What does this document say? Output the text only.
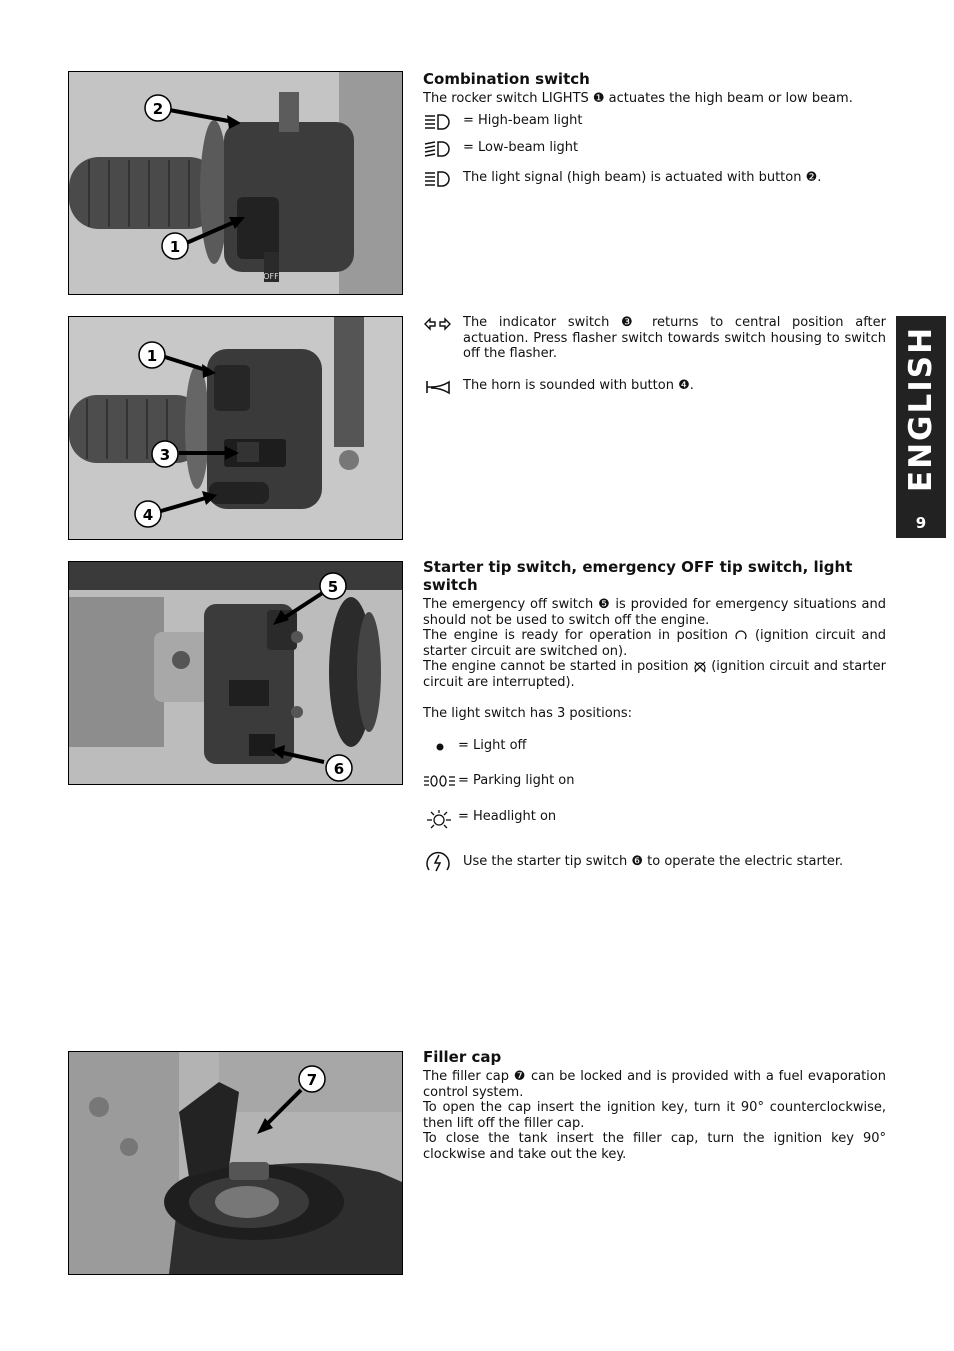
2
1
OFF
1
3
4
5
6
7
ENGLISH
9
Combination switch

The rocker switch LIGHTS ❶ actuates the high beam or low beam.

= High-beam light
= Low-beam light
The light signal (high beam) is actuated with button ❷.

The indicator switch ❸ returns to central position after actuation. Press flasher switch towards switch housing to switch off the flasher.

The horn is sounded with button ❹.
Starter tip switch, emergency OFF tip switch, light switch

The emergency off switch ❺ is provided for emergency situations and should not be used to switch off the engine.

The engine is ready for operation in position (ignition circuit and starter circuit are switched on).

The engine cannot be started in position (ignition circuit and starter circuit are interrupted).

The light switch has 3 positions:

= Light off
= Parking light on
= Headlight on
Use the starter tip switch ❻ to operate the electric starter.
Filler cap

The filler cap ❼ can be locked and is provided with a fuel evaporation control system.

To open the cap insert the ignition key, turn it 90° counterclockwise, then lift off the filler cap.

To close the tank insert the filler cap, turn the ignition key 90° clockwise and take out the key.
